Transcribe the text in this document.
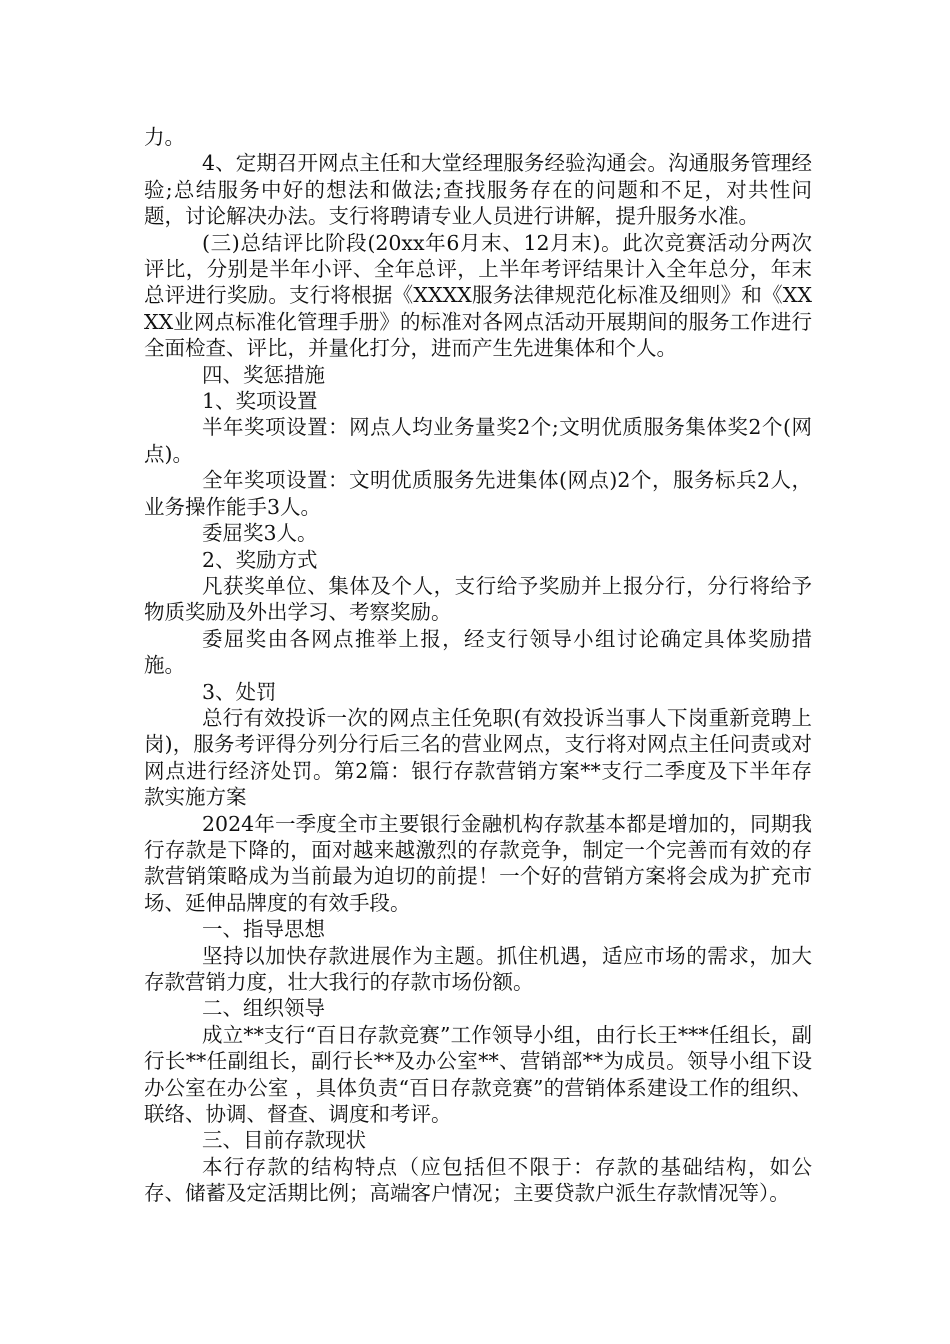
力。

4、定期召开网点主任和大堂经理服务经验沟通会。沟通服务管理经验;总结服务中好的想法和做法;查找服务存在的问题和不足，对共性问题，讨论解决办法。支行将聘请专业人员进行讲解，提升服务水准。

(三)总结评比阶段(20xx年6月末、12月末)。此次竞赛活动分两次评比，分别是半年小评、全年总评，上半年考评结果计入全年总分，年末总评进行奖励。支行将根据《XXXX服务法律规范化标准及细则》和《XXXX业网点标准化管理手册》的标准对各网点活动开展期间的服务工作进行全面检查、评比，并量化打分，进而产生先进集体和个人。

四、奖惩措施

1、奖项设置

半年奖项设置：网点人均业务量奖2个;文明优质服务集体奖2个(网点)。

全年奖项设置：文明优质服务先进集体(网点)2个，服务标兵2人，业务操作能手3人。

委屈奖3人。

2、奖励方式

凡获奖单位、集体及个人，支行给予奖励并上报分行，分行将给予物质奖励及外出学习、考察奖励。

委屈奖由各网点推举上报，经支行领导小组讨论确定具体奖励措施。

3、处罚

总行有效投诉一次的网点主任免职(有效投诉当事人下岗重新竞聘上岗)，服务考评得分列分行后三名的营业网点，支行将对网点主任问责或对网点进行经济处罚。第2篇：银行存款营销方案**支行二季度及下半年存款实施方案

2024年一季度全市主要银行金融机构存款基本都是增加的，同期我行存款是下降的，面对越来越激烈的存款竞争，制定一个完善而有效的存款营销策略成为当前最为迫切的前提！一个好的营销方案将会成为扩充市场、延伸品牌度的有效手段。

一、指导思想

坚持以加快存款进展作为主题。抓住机遇，适应市场的需求，加大存款营销力度，壮大我行的存款市场份额。

二、组织领导

成立**支行“百日存款竞赛”工作领导小组，由行长王***任组长，副行长**任副组长，副行长**及办公室**、营销部**为成员。领导小组下设办公室在办公室 ，具体负责“百日存款竞赛”的营销体系建设工作的组织、联络、协调、督查、调度和考评。

三、目前存款现状

本行存款的结构特点（应包括但不限于：存款的基础结构，如公存、储蓄及定活期比例；高端客户情况；主要贷款户派生存款情况等）。
